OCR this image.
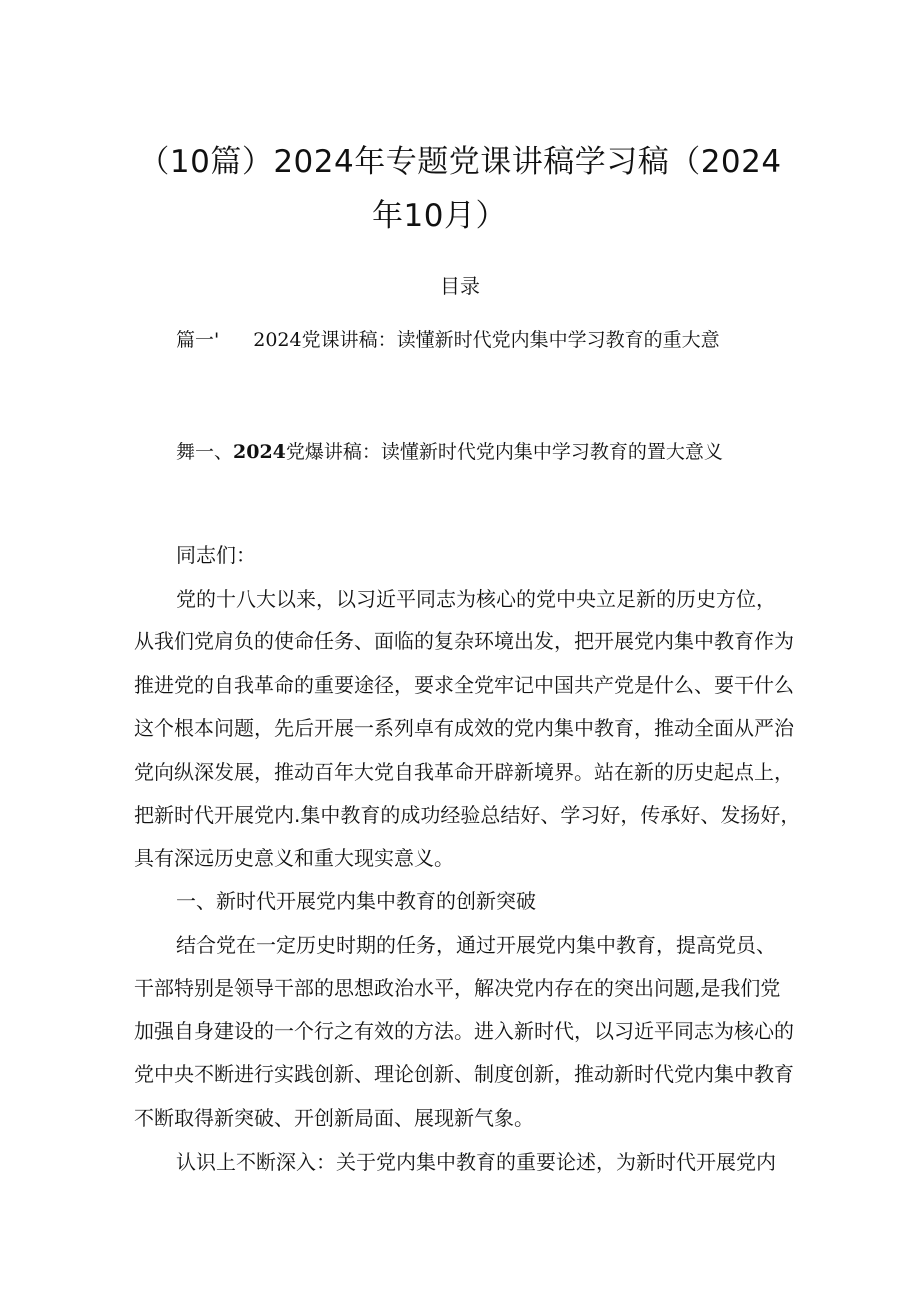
（10篇）2024年专题党课讲稿学习稿（2024
年10月）
目录
篇一' 2024党课讲稿：读懂新时代党内集中学习教育的重大意
舞一、2024党爆讲稿：读懂新时代党内集中学习教育的置大意义
同志们：
党的十八大以来，以习近平同志为核心的党中央立足新的历史方位，
从我们党肩负的使命任务、面临的复杂环境出发，把开展党内集中教育作为
推进党的自我革命的重要途径，要求全党牢记中国共产党是什么、要干什么
这个根本问题，先后开展一系列卓有成效的党内集中教育，推动全面从严治
党向纵深发展，推动百年大党自我革命开辟新境界。站在新的历史起点上，
把新时代开展党内.集中教育的成功经验总结好、学习好，传承好、发扬好，
具有深远历史意义和重大现实意义。
一、新时代开展党内集中教育的创新突破
结合党在一定历史时期的任务，通过开展党内集中教育，提高党员、
干部特别是领导干部的思想政治水平，解决党内存在的突出问题,是我们党
加强自身建设的一个行之有效的方法。进入新时代，以习近平同志为核心的
党中央不断进行实践创新、理论创新、制度创新，推动新时代党内集中教育
不断取得新突破、开创新局面、展现新气象。
认识上不断深入：关于党内集中教育的重要论述，为新时代开展党内
